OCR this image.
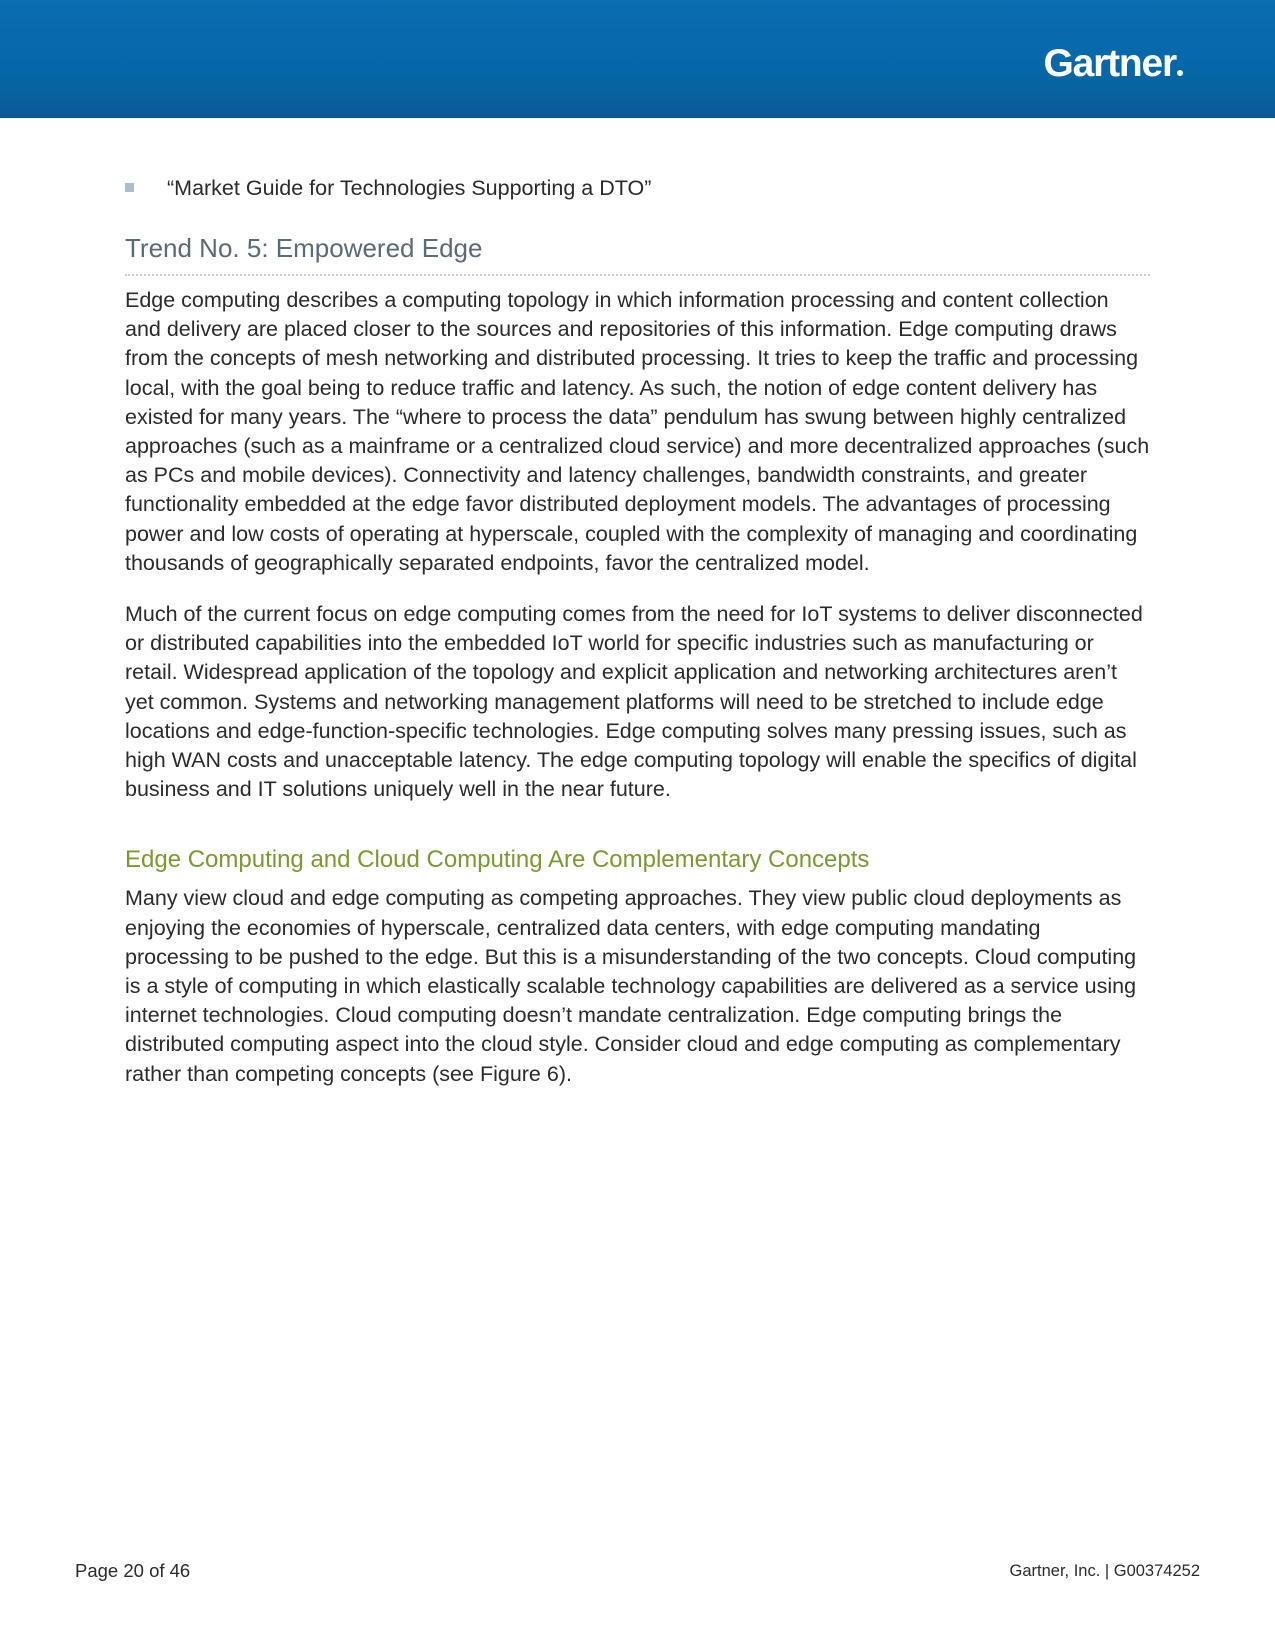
Gartner
“Market Guide for Technologies Supporting a DTO”
Trend No. 5: Empowered Edge

Edge computing describes a computing topology in which information processing and content collection and delivery are placed closer to the sources and repositories of this information. Edge computing draws from the concepts of mesh networking and distributed processing. It tries to keep the traffic and processing local, with the goal being to reduce traffic and latency. As such, the notion of edge content delivery has existed for many years. The “where to process the data” pendulum has swung between highly centralized approaches (such as a mainframe or a centralized cloud service) and more decentralized approaches (such as PCs and mobile devices). Connectivity and latency challenges, bandwidth constraints, and greater functionality embedded at the edge favor distributed deployment models. The advantages of processing power and low costs of operating at hyperscale, coupled with the complexity of managing and coordinating thousands of geographically separated endpoints, favor the centralized model.

Much of the current focus on edge computing comes from the need for IoT systems to deliver disconnected or distributed capabilities into the embedded IoT world for specific industries such as manufacturing or retail. Widespread application of the topology and explicit application and networking architectures aren’t yet common. Systems and networking management platforms will need to be stretched to include edge locations and edge-function-specific technologies. Edge computing solves many pressing issues, such as high WAN costs and unacceptable latency. The edge computing topology will enable the specifics of digital business and IT solutions uniquely well in the near future.

Edge Computing and Cloud Computing Are Complementary Concepts

Many view cloud and edge computing as competing approaches. They view public cloud deployments as enjoying the economies of hyperscale, centralized data centers, with edge computing mandating processing to be pushed to the edge. But this is a misunderstanding of the two concepts. Cloud computing is a style of computing in which elastically scalable technology capabilities are delivered as a service using internet technologies. Cloud computing doesn’t mandate centralization. Edge computing brings the distributed computing aspect into the cloud style. Consider cloud and edge computing as complementary rather than competing concepts (see Figure 6).

Page 20 of 46	Gartner, Inc. | G00374252
